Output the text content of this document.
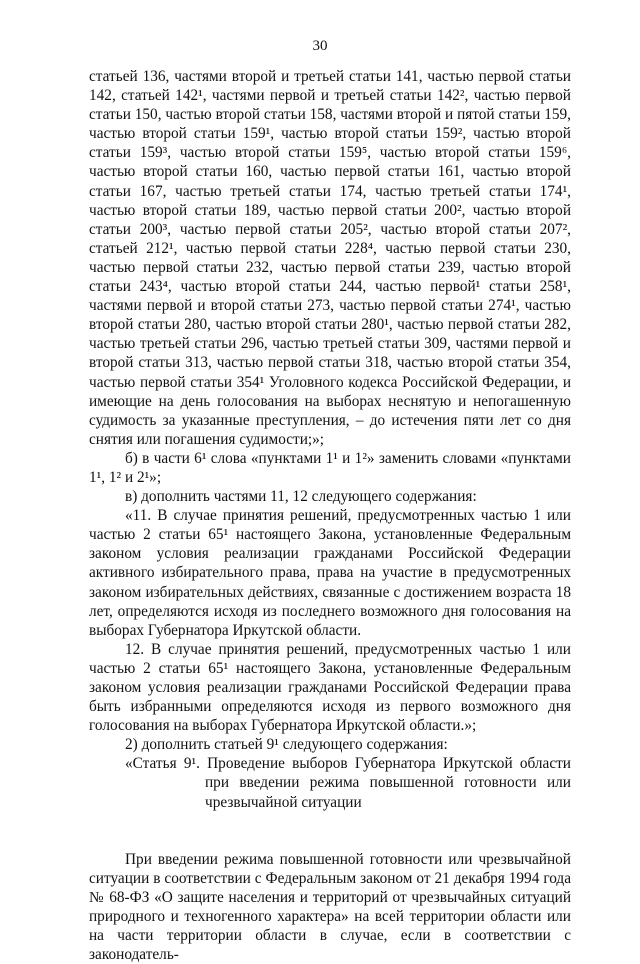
30

статьей 136, частями второй и третьей статьи 141, частью первой статьи 142, статьей 142¹, частями первой и третьей статьи 142², частью первой статьи 150, частью второй статьи 158, частями второй и пятой статьи 159, частью второй статьи 159¹, частью второй статьи 159², частью второй статьи 159³, частью второй статьи 159⁵, частью второй статьи 159⁶, частью второй статьи 160, частью первой статьи 161, частью второй статьи 167, частью третьей статьи 174, частью третьей статьи 174¹, частью второй статьи 189, частью первой статьи 200², частью второй статьи 200³, частью первой статьи 205², частью второй статьи 207², статьей 212¹, частью первой статьи 228⁴, частью первой статьи 230, частью первой статьи 232, частью первой статьи 239, частью второй статьи 243⁴, частью второй статьи 244, частью первой¹ статьи 258¹, частями первой и второй статьи 273, частью первой статьи 274¹, частью второй статьи 280, частью второй статьи 280¹, частью первой статьи 282, частью третьей статьи 296, частью третьей статьи 309, частями первой и второй статьи 313, частью первой статьи 318, частью второй статьи 354, частью первой статьи 354¹ Уголовного кодекса Российской Федерации, и имеющие на день голосования на выборах неснятую и непогашенную судимость за указанные преступления, – до истечения пяти лет со дня снятия или погашения судимости;»;

б) в части 6¹ слова «пунктами 1¹ и 1²» заменить словами «пунктами 1¹, 1² и 2¹»;

в) дополнить частями 11, 12 следующего содержания:

«11. В случае принятия решений, предусмотренных частью 1 или частью 2 статьи 65¹ настоящего Закона, установленные Федеральным законом условия реализации гражданами Российской Федерации активного избирательного права, права на участие в предусмотренных законом избирательных действиях, связанные с достижением возраста 18 лет, определяются исходя из последнего возможного дня голосования на выборах Губернатора Иркутской области.

12. В случае принятия решений, предусмотренных частью 1 или частью 2 статьи 65¹ настоящего Закона, установленные Федеральным законом условия реализации гражданами Российской Федерации права быть избранными определяются исходя из первого возможного дня голосования на выборах Губернатора Иркутской области.»;

2) дополнить статьей 9¹ следующего содержания:

«Статья 9¹. Проведение выборов Губернатора Иркутской области при введении режима повышенной готовности или чрезвычайной ситуации

При введении режима повышенной готовности или чрезвычайной ситуации в соответствии с Федеральным законом от 21 декабря 1994 года № 68-ФЗ «О защите населения и территорий от чрезвычайных ситуаций природного и техногенного характера» на всей территории области или на части территории области в случае, если в соответствии с законодатель-
